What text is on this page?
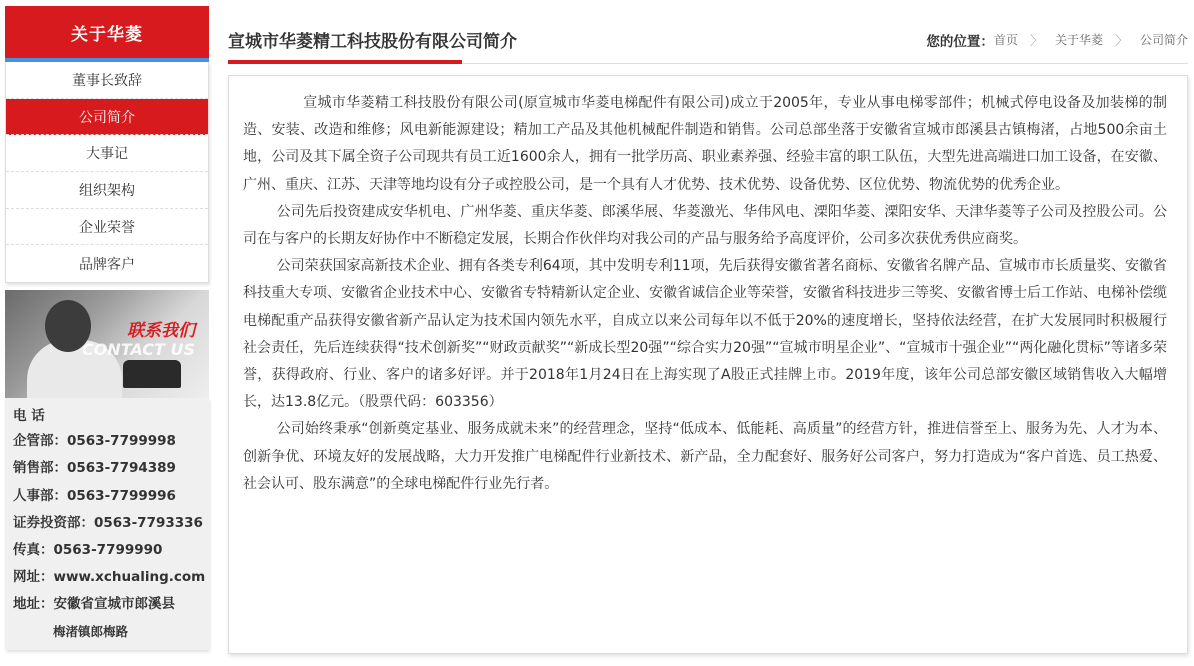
关于华菱
董事长致辞
公司简介
大事记
组织架构
企业荣誉
品牌客户
联系我们
CONTACT US
电 话
企管部：0563-7799998
销售部：0563-7794389
人事部：0563-7799996
证券投资部：0563-7793336
传真：0563-7799990
网址：www.xchualing.com
地址：安徽省宣城市郎溪县
梅渚镇郎梅路
宣城市华菱精工科技股份有限公司简介	您的位置： 首页 〉 关于华菱 〉 公司简介

宣城市华菱精工科技股份有限公司(原宣城市华菱电梯配件有限公司)成立于2005年，专业从事电梯零部件；机械式停电设备及加装梯的制造、安装、改造和维修；风电新能源建设；精加工产品及其他机械配件制造和销售。公司总部坐落于安徽省宣城市郎溪县古镇梅渚，占地500余亩土地，公司及其下属全资子公司现共有员工近1600余人，拥有一批学历高、职业素养强、经验丰富的职工队伍，大型先进高端进口加工设备，在安徽、广州、重庆、江苏、天津等地均设有分子或控股公司，是一个具有人才优势、技术优势、设备优势、区位优势、物流优势的优秀企业。

公司先后投资建成安华机电、广州华菱、重庆华菱、郎溪华展、华菱激光、华伟风电、溧阳华菱、溧阳安华、天津华菱等子公司及控股公司。公司在与客户的长期友好协作中不断稳定发展，长期合作伙伴均对我公司的产品与服务给予高度评价，公司多次获优秀供应商奖。

公司荣获国家高新技术企业、拥有各类专利64项，其中发明专利11项，先后获得安徽省著名商标、安徽省名牌产品、宣城市市长质量奖、安徽省科技重大专项、安徽省企业技术中心、安徽省专特精新认定企业、安徽省诚信企业等荣誉，安徽省科技进步三等奖、安徽省博士后工作站、电梯补偿缆电梯配重产品获得安徽省新产品认定为技术国内领先水平，自成立以来公司每年以不低于20%的速度增长，坚持依法经营，在扩大发展同时积极履行社会责任，先后连续获得“技术创新奖”“财政贡献奖”“新成长型20强”“综合实力20强”“宣城市明星企业”、“宣城市十强企业”“两化融化贯标”等诸多荣誉，获得政府、行业、客户的诸多好评。并于2018年1月24日在上海实现了A股正式挂牌上市。2019年度，该年公司总部安徽区域销售收入大幅增长，达13.8亿元。（股票代码：603356）

公司始终秉承“创新奠定基业、服务成就未来”的经营理念，坚持“低成本、低能耗、高质量”的经营方针，推进信誉至上、服务为先、人才为本、创新争优、环境友好的发展战略，大力开发推广电梯配件行业新技术、新产品，全力配套好、服务好公司客户，努力打造成为“客户首选、员工热爱、社会认可、股东满意”的全球电梯配件行业先行者。
